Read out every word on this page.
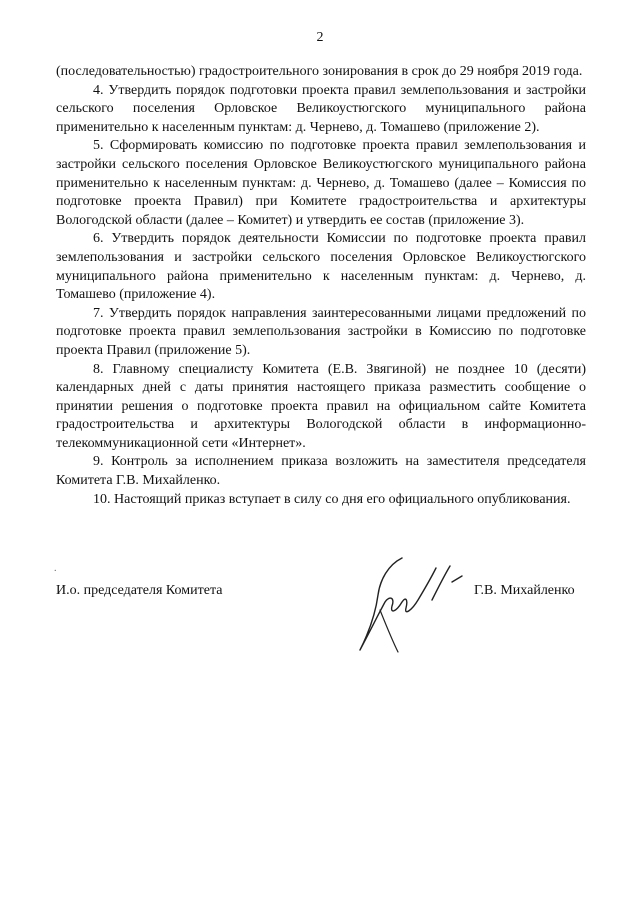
2

(последовательностью) градостроительного зонирования в срок до 29 ноября 2019 года.

4. Утвердить порядок подготовки проекта правил землепользования и застройки сельского поселения Орловское Великоустюгского муниципального района применительно к населенным пунктам: д. Чернево, д. Томашево (приложение 2).

5. Сформировать комиссию по подготовке проекта правил землепользования и застройки сельского поселения Орловское Великоустюгского муниципального района применительно к населенным пунктам: д. Чернево, д. Томашево (далее – Комиссия по подготовке проекта Правил) при Комитете градостроительства и архитектуры Вологодской области (далее – Комитет) и утвердить ее состав (приложение 3).

6. Утвердить порядок деятельности Комиссии по подготовке проекта правил землепользования и застройки сельского поселения Орловское Великоустюгского муниципального района применительно к населенным пунктам: д. Чернево, д. Томашево (приложение 4).

7. Утвердить порядок направления заинтересованными лицами предложений по подготовке проекта правил землепользования застройки в Комиссию по подготовке проекта Правил (приложение 5).

8. Главному специалисту Комитета (Е.В. Звягиной) не позднее 10 (десяти) календарных дней с даты принятия настоящего приказа разместить сообщение о принятии решения о подготовке проекта правил на официальном сайте Комитета градостроительства и архитектуры Вологодской области в информационно-телекоммуникационной сети «Интернет».

9. Контроль за исполнением приказа возложить на заместителя председателя Комитета Г.В. Михайленко.

10. Настоящий приказ вступает в силу со дня его официального опубликования.

.
И.о. председателя Комитета	Г.В. Михайленко
